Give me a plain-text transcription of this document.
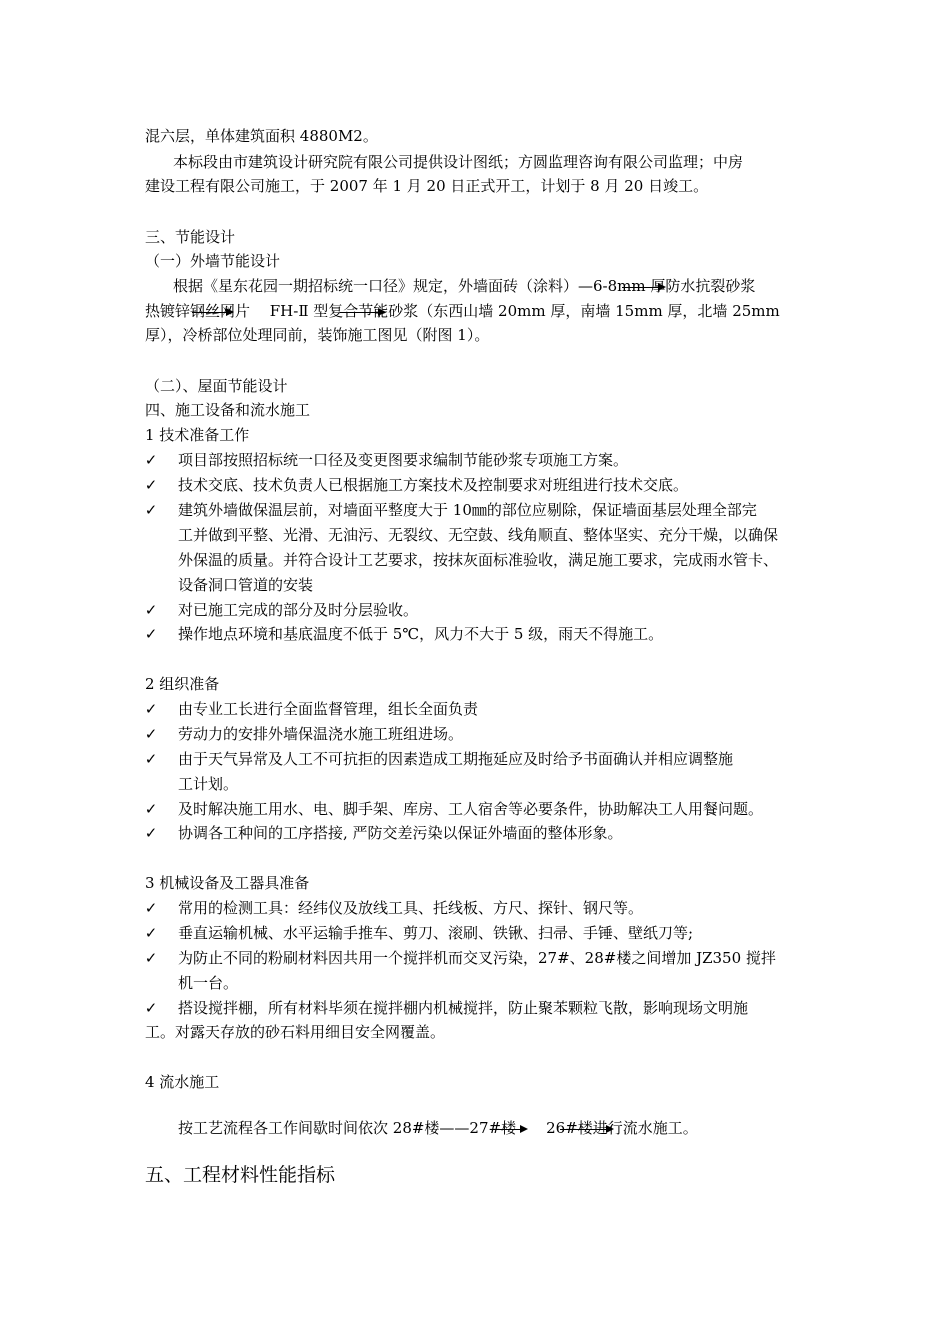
混六层，单体建筑面积 4880M2。
本标段由市建筑设计研究院有限公司提供设计图纸；方圆监理咨询有限公司监理；中房
建设工程有限公司施工，于 2007 年 1 月 20 日正式开工，计划于 8 月 20 日竣工。
三、节能设计
（一）外墙节能设计
根据《星东花园一期招标统一口径》规定，外墙面砖（涂料）—6-8mm 厚防水抗裂砂浆
热镀锌钢丝网片　 FH-Ⅱ 型复合节能砂浆（东西山墙 20mm 厚，南墙 15mm 厚，北墙 25mm
厚），冷桥部位处理同前，装饰施工图见（附图 1）。
（二）、屋面节能设计
四、施工设备和流水施工
1 技术准备工作
✓ 项目部按照招标统一口径及变更图要求编制节能砂浆专项施工方案。
✓ 技术交底、技术负责人已根据施工方案技术及控制要求对班组进行技术交底。
✓ 建筑外墙做保温层前，对墙面平整度大于 10㎜的部位应剔除，保证墙面基层处理全部完
工并做到平整、光滑、无油污、无裂纹、无空鼓、线角顺直、整体坚实、充分干燥，以确保
外保温的质量。并符合设计工艺要求，按抹灰面标准验收，满足施工要求，完成雨水管卡、
设备洞口管道的安装
✓ 对已施工完成的部分及时分层验收。
✓ 操作地点环境和基底温度不低于 5℃，风力不大于 5 级，雨天不得施工。
2 组织准备
✓ 由专业工长进行全面监督管理，组长全面负责
✓ 劳动力的安排外墙保温浇水施工班组进场。
✓ 由于天气异常及人工不可抗拒的因素造成工期拖延应及时给予书面确认并相应调整施
工计划。
✓ 及时解决施工用水、电、脚手架、库房、工人宿舍等必要条件，协助解决工人用餐问题。
✓ 协调各工种间的工序搭接, 严防交差污染以保证外墙面的整体形象。
3 机械设备及工器具准备
✓ 常用的检测工具：经纬仪及放线工具、托线板、方尺、探针、钢尺等。
✓ 垂直运输机械、水平运输手推车、剪刀、滚刷、铁锹、扫帚、手锤、壁纸刀等;
✓ 为防止不同的粉刷材料因共用一个搅拌机而交叉污染，27#、28#楼之间增加 JZ350 搅拌
机一台。
✓ 搭设搅拌棚，所有材料毕须在搅拌棚内机械搅拌，防止聚苯颗粒飞散，影响现场文明施
工。对露天存放的砂石料用细目安全网覆盖。
4 流水施工
按工艺流程各工作间歇时间依次 28#楼——27#楼　　26#楼进行流水施工。
五、工程材料性能指标
